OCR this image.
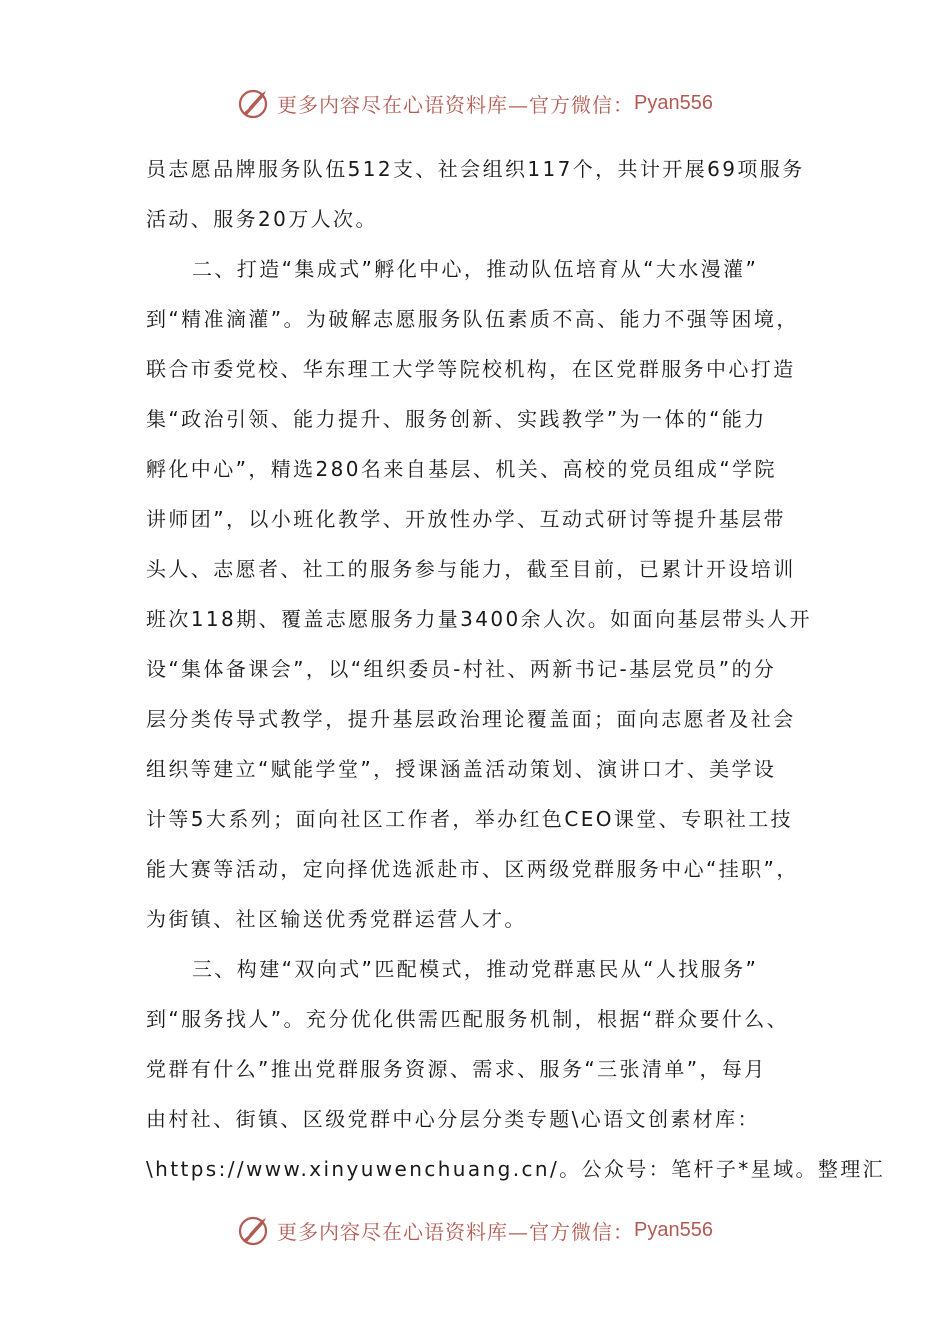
更多内容尽在心语资料库—官方微信： Pyan556
员志愿品牌服务队伍512支、社会组织117个，共计开展69项服务
活动、服务20万人次。
二、打造“集成式”孵化中心，推动队伍培育从“大水漫灌”
到“精准滴灌”。为破解志愿服务队伍素质不高、能力不强等困境，
联合市委党校、华东理工大学等院校机构，在区党群服务中心打造
集“政治引领、能力提升、服务创新、实践教学”为一体的“能力
孵化中心”，精选280名来自基层、机关、高校的党员组成“学院
讲师团”，以小班化教学、开放性办学、互动式研讨等提升基层带
头人、志愿者、社工的服务参与能力，截至目前，已累计开设培训
班次118期、覆盖志愿服务力量3400余人次。如面向基层带头人开
设“集体备课会”，以“组织委员-村社、两新书记-基层党员”的分
层分类传导式教学，提升基层政治理论覆盖面；面向志愿者及社会
组织等建立“赋能学堂”，授课涵盖活动策划、演讲口才、美学设
计等5大系列；面向社区工作者，举办红色CEO课堂、专职社工技
能大赛等活动，定向择优选派赴市、区两级党群服务中心“挂职”，
为街镇、社区输送优秀党群运营人才。
三、构建“双向式”匹配模式，推动党群惠民从“人找服务”
到“服务找人”。充分优化供需匹配服务机制，根据“群众要什么、
党群有什么”推出党群服务资源、需求、服务“三张清单”，每月
由村社、街镇、区级党群中心分层分类专题\心语文创素材库：
\https://www.xinyuwenchuang.cn/。公众号：笔杆子*星域。整理汇
更多内容尽在心语资料库—官方微信： Pyan556
